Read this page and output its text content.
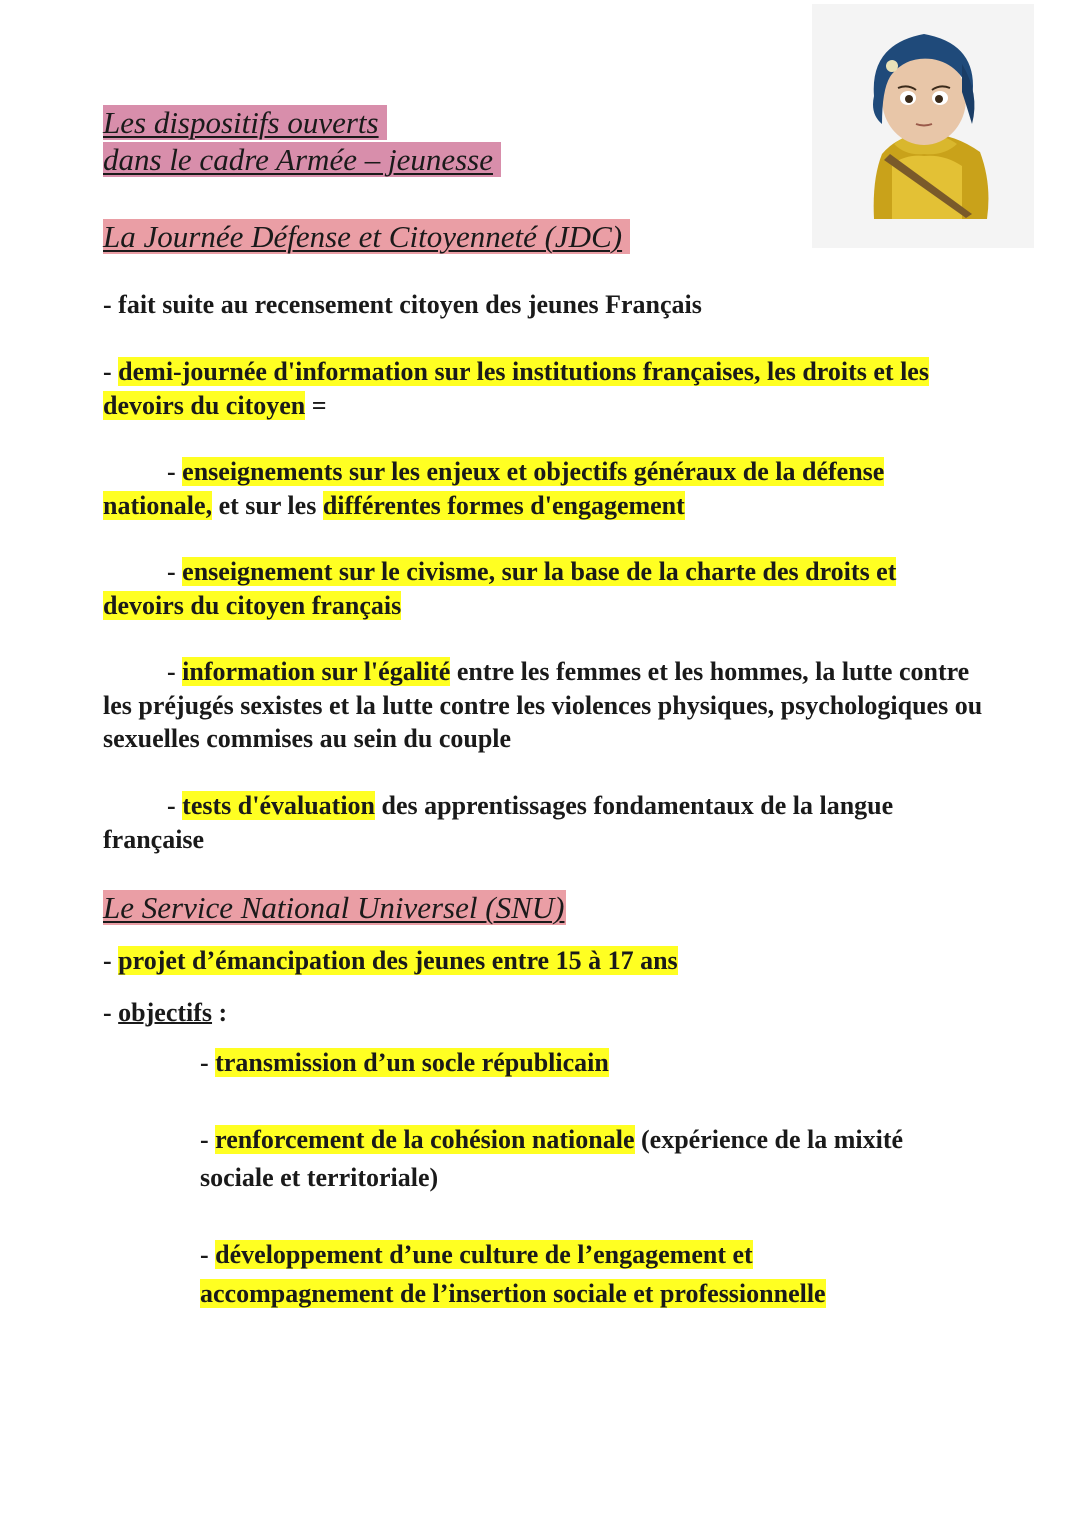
Les dispositifs ouverts
dans le cadre Armée – jeunesse
La Journée Défense et Citoyenneté (JDC)
- fait suite au recensement citoyen des jeunes Français
- demi-journée d'information sur les institutions françaises, les droits et les devoirs du citoyen =
- enseignements sur les enjeux et objectifs généraux de la défense nationale, et sur les différentes formes d'engagement
- enseignement sur le civisme, sur la base de la charte des droits et devoirs du citoyen français
- information sur l'égalité entre les femmes et les hommes, la lutte contre les préjugés sexistes et la lutte contre les violences physiques, psychologiques ou sexuelles commises au sein du couple
- tests d'évaluation des apprentissages fondamentaux de la langue française
Le Service National Universel (SNU)
- projet d’émancipation des jeunes entre 15 à 17 ans
- objectifs :
- transmission d’un socle républicain
- renforcement de la cohésion nationale (expérience de la mixité sociale et territoriale)
- développement d’une culture de l’engagement et accompagnement de l’insertion sociale et professionnelle
